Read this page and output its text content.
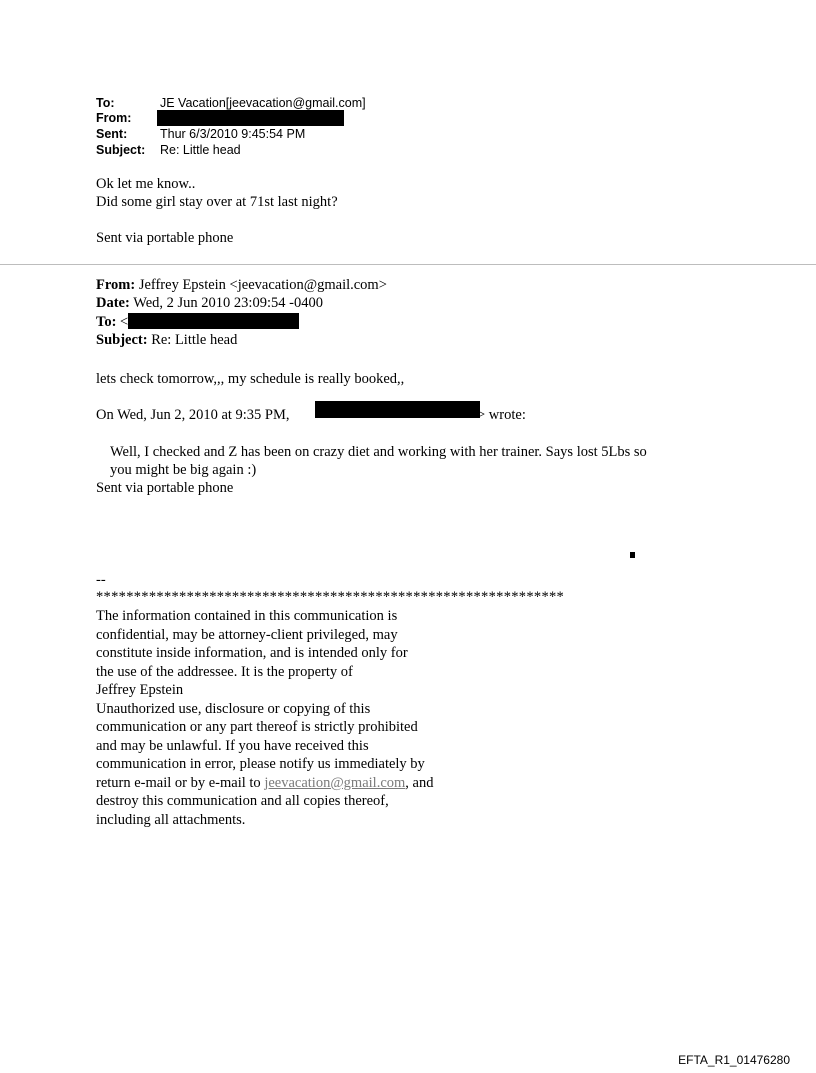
To:	JE Vacation[jeevacation@gmail.com]
From:
Sent:	Thur 6/3/2010 9:45:54 PM
Subject: Re: Little head
Ok let me know..
Did some girl stay over at 71st last night?
Sent via portable phone
From: Jeffrey Epstein <jeevacation@gmail.com>
Date: Wed, 2 Jun 2010 23:09:54 -0400
To: <
Subject: Re: Little head
lets check tomorrow,,, my schedule is really booked,,
On Wed, Jun 2, 2010 at 9:35 PM,	> wrote:
Well, I checked and Z has been on crazy diet and working with her trainer. Says lost 5Lbs so
you might be big again :)
Sent via portable phone
--
**************************************************************
The information contained in this communication is
confidential, may be attorney-client privileged, may
constitute inside information, and is intended only for
the use of the addressee. It is the property of
Jeffrey Epstein
Unauthorized use, disclosure or copying of this
communication or any part thereof is strictly prohibited
and may be unlawful. If you have received this
communication in error, please notify us immediately by
return e-mail or by e-mail to jeevacation@gmail.com, and
destroy this communication and all copies thereof,
including all attachments.
EFTA_R1_01476280
